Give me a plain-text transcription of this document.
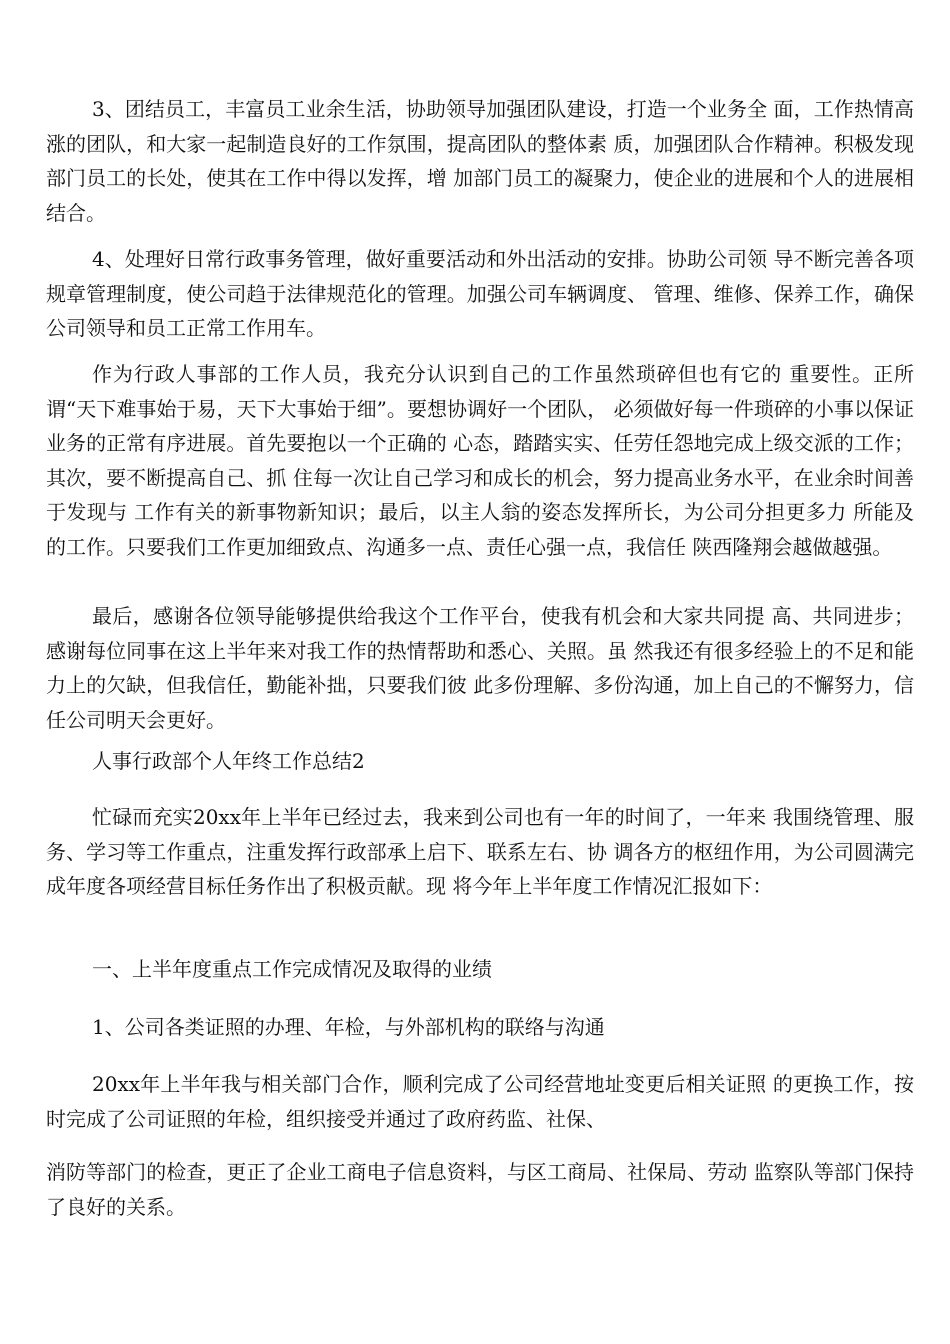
3、团结员工，丰富员工业余生活，协助领导加强团队建设，打造一个业务全 面，工作热情高涨的团队，和大家一起制造良好的工作氛围，提高团队的整体素 质，加强团队合作精神。积极发现部门员工的长处，使其在工作中得以发挥，增 加部门员工的凝聚力，使企业的进展和个人的进展相结合。

4、处理好日常行政事务管理，做好重要活动和外出活动的安排。协助公司领 导不断完善各项规章管理制度，使公司趋于法律规范化的管理。加强公司车辆调度、 管理、维修、保养工作，确保公司领导和员工正常工作用车。

作为行政人事部的工作人员，我充分认识到自己的工作虽然琐碎但也有它的 重要性。正所谓“天下难事始于易，天下大事始于细”。要想协调好一个团队， 必须做好每一件琐碎的小事以保证业务的正常有序进展。首先要抱以一个正确的 心态，踏踏实实、任劳任怨地完成上级交派的工作；其次，要不断提高自己、抓 住每一次让自己学习和成长的机会，努力提高业务水平，在业余时间善于发现与 工作有关的新事物新知识；最后，以主人翁的姿态发挥所长，为公司分担更多力 所能及的工作。只要我们工作更加细致点、沟通多一点、责任心强一点，我信任 陕西隆翔会越做越强。

最后，感谢各位领导能够提供给我这个工作平台，使我有机会和大家共同提 高、共同进步；感谢每位同事在这上半年来对我工作的热情帮助和悉心、关照。虽 然我还有很多经验上的不足和能力上的欠缺，但我信任，勤能补拙，只要我们彼 此多份理解、多份沟通，加上自己的不懈努力，信任公司明天会更好。

人事行政部个人年终工作总结2

忙碌而充实20xx年上半年已经过去，我来到公司也有一年的时间了，一年来 我围绕管理、服务、学习等工作重点，注重发挥行政部承上启下、联系左右、协 调各方的枢纽作用，为公司圆满完成年度各项经营目标任务作出了积极贡献。现 将今年上半年度工作情况汇报如下：

一、上半年度重点工作完成情况及取得的业绩

1、公司各类证照的办理、年检，与外部机构的联络与沟通

20xx年上半年我与相关部门合作，顺利完成了公司经营地址变更后相关证照 的更换工作，按时完成了公司证照的年检，组织接受并通过了政府药监、社保、

消防等部门的检查，更正了企业工商电子信息资料，与区工商局、社保局、劳动 监察队等部门保持了良好的关系。
